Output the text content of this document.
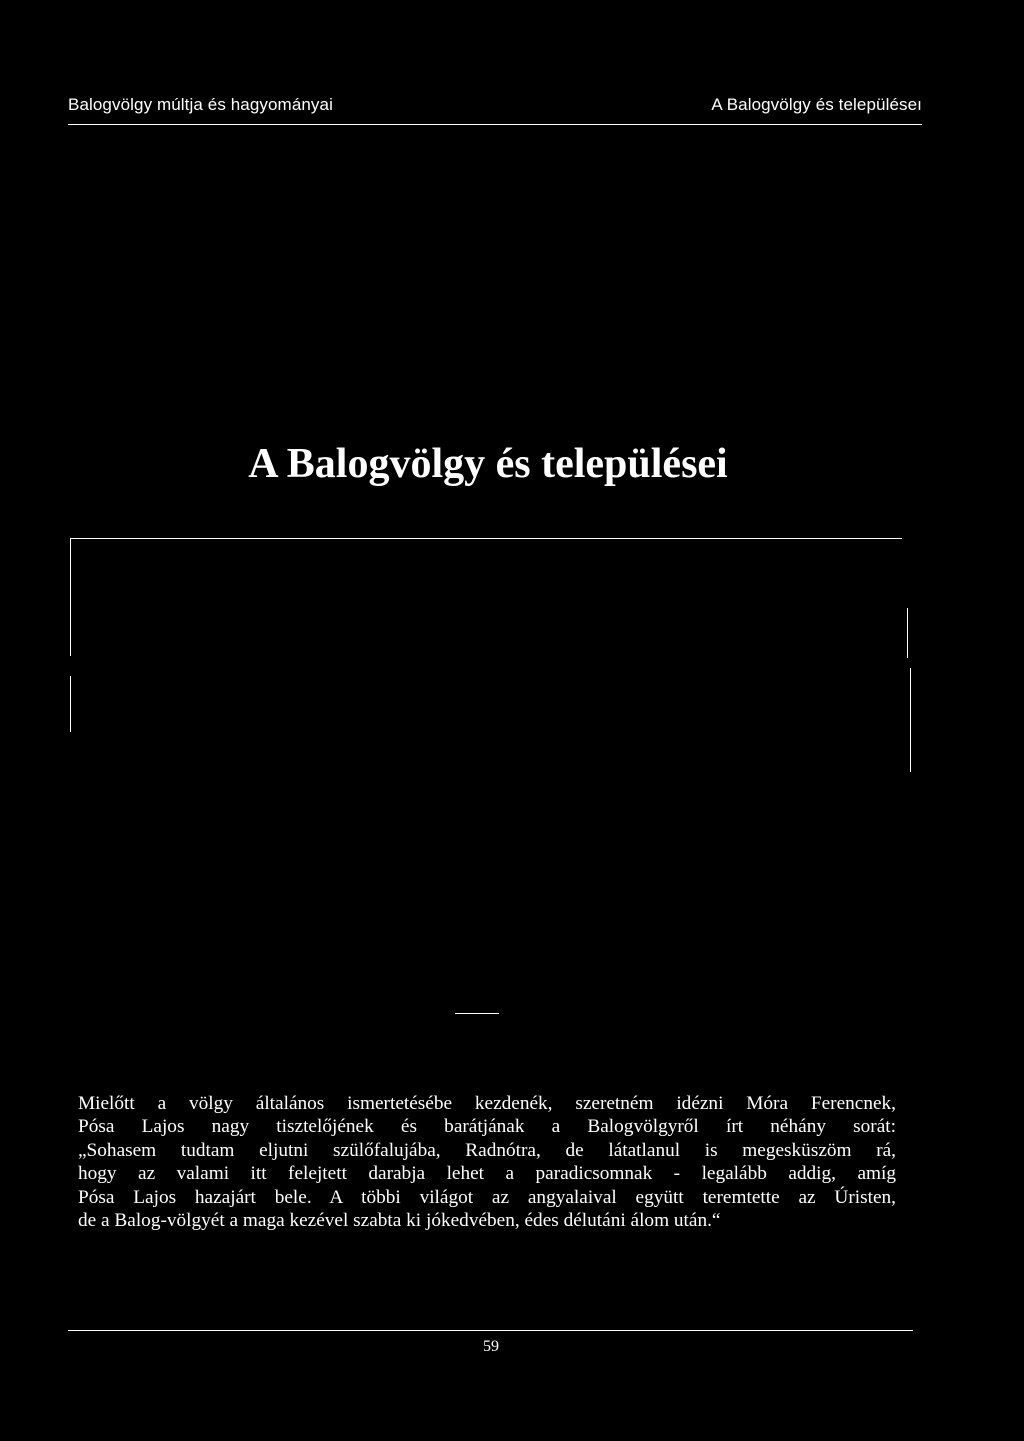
Balogvölgy múltja és hagyományai	A Balogvölgy és településeı
A Balogvölgy és települései

Mielőtt a völgy általános ismertetésébe kezdenék, szeretném idézni Móra Ferencnek,

Pósa Lajos nagy tisztelőjének és barátjának a Balogvölgyről írt néhány sorát:

„Sohasem tudtam eljutni szülőfalujába, Radnótra, de látatlanul is megesküszöm rá,

hogy az valami itt felejtett darabja lehet a paradicsomnak - legalább addig, amíg

Pósa Lajos hazajárt bele. A többi világot az angyalaival együtt teremtette az Úristen,

de a Balog-völgyét a maga kezével szabta ki jókedvében, édes délutáni álom után.“

59
